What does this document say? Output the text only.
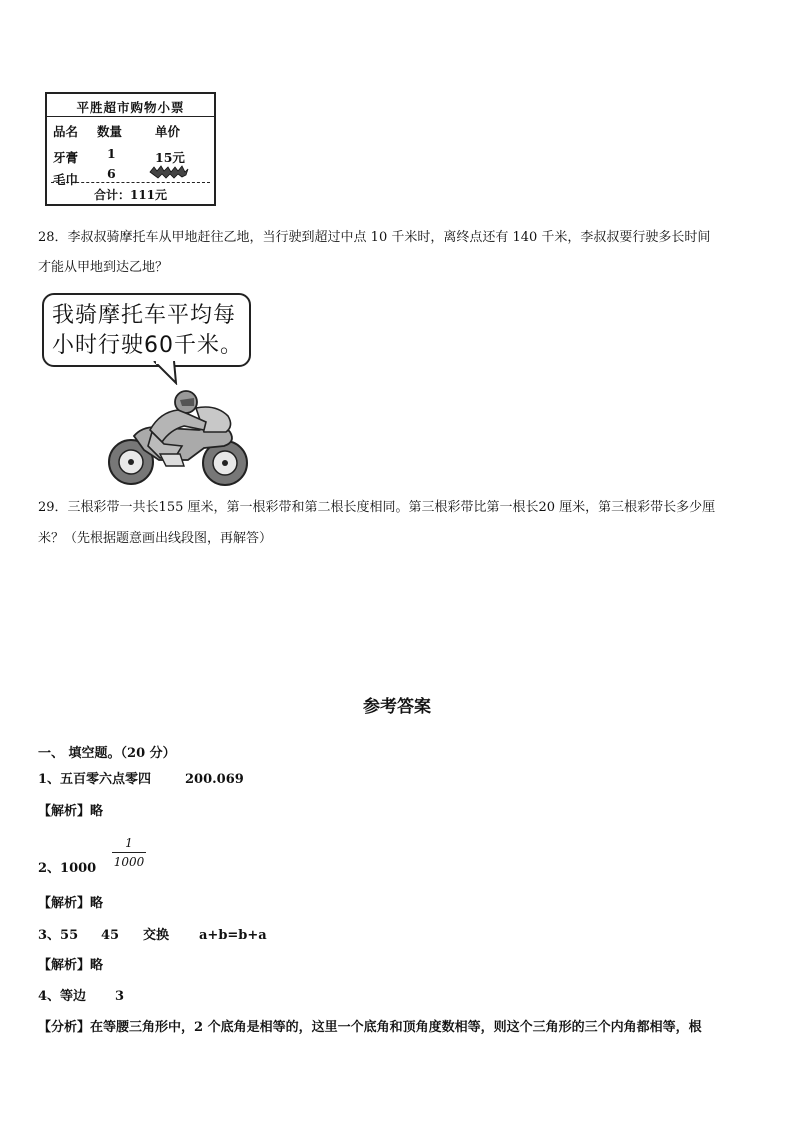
平胜超市购物小票
品名 数量	单价
牙膏 1	15元
毛巾 6
合计：111元
28．李叔叔骑摩托车从甲地赶往乙地，当行驶到超过中点 10 千米时，离终点还有 140 千米，李叔叔要行驶多长时间
才能从甲地到达乙地？
我骑摩托车平均每
小时行驶60千米。
29．三根彩带一共长155 厘米，第一根彩带和第二根长度相同。第三根彩带比第一根长20 厘米，第三根彩带长多少厘
米？（先根据题意画出线段图，再解答）
参考答案
一、 填空题。（20 分）
1、五百零六点零四	200.069
【解析】略
2、1000
1
1000
【解析】略
3、55 45 交换 a+b=b+a
【解析】略
4、等边 3
【分析】在等腰三角形中，2 个底角是相等的，这里一个底角和顶角度数相等，则这个三角形的三个内角都相等，根
